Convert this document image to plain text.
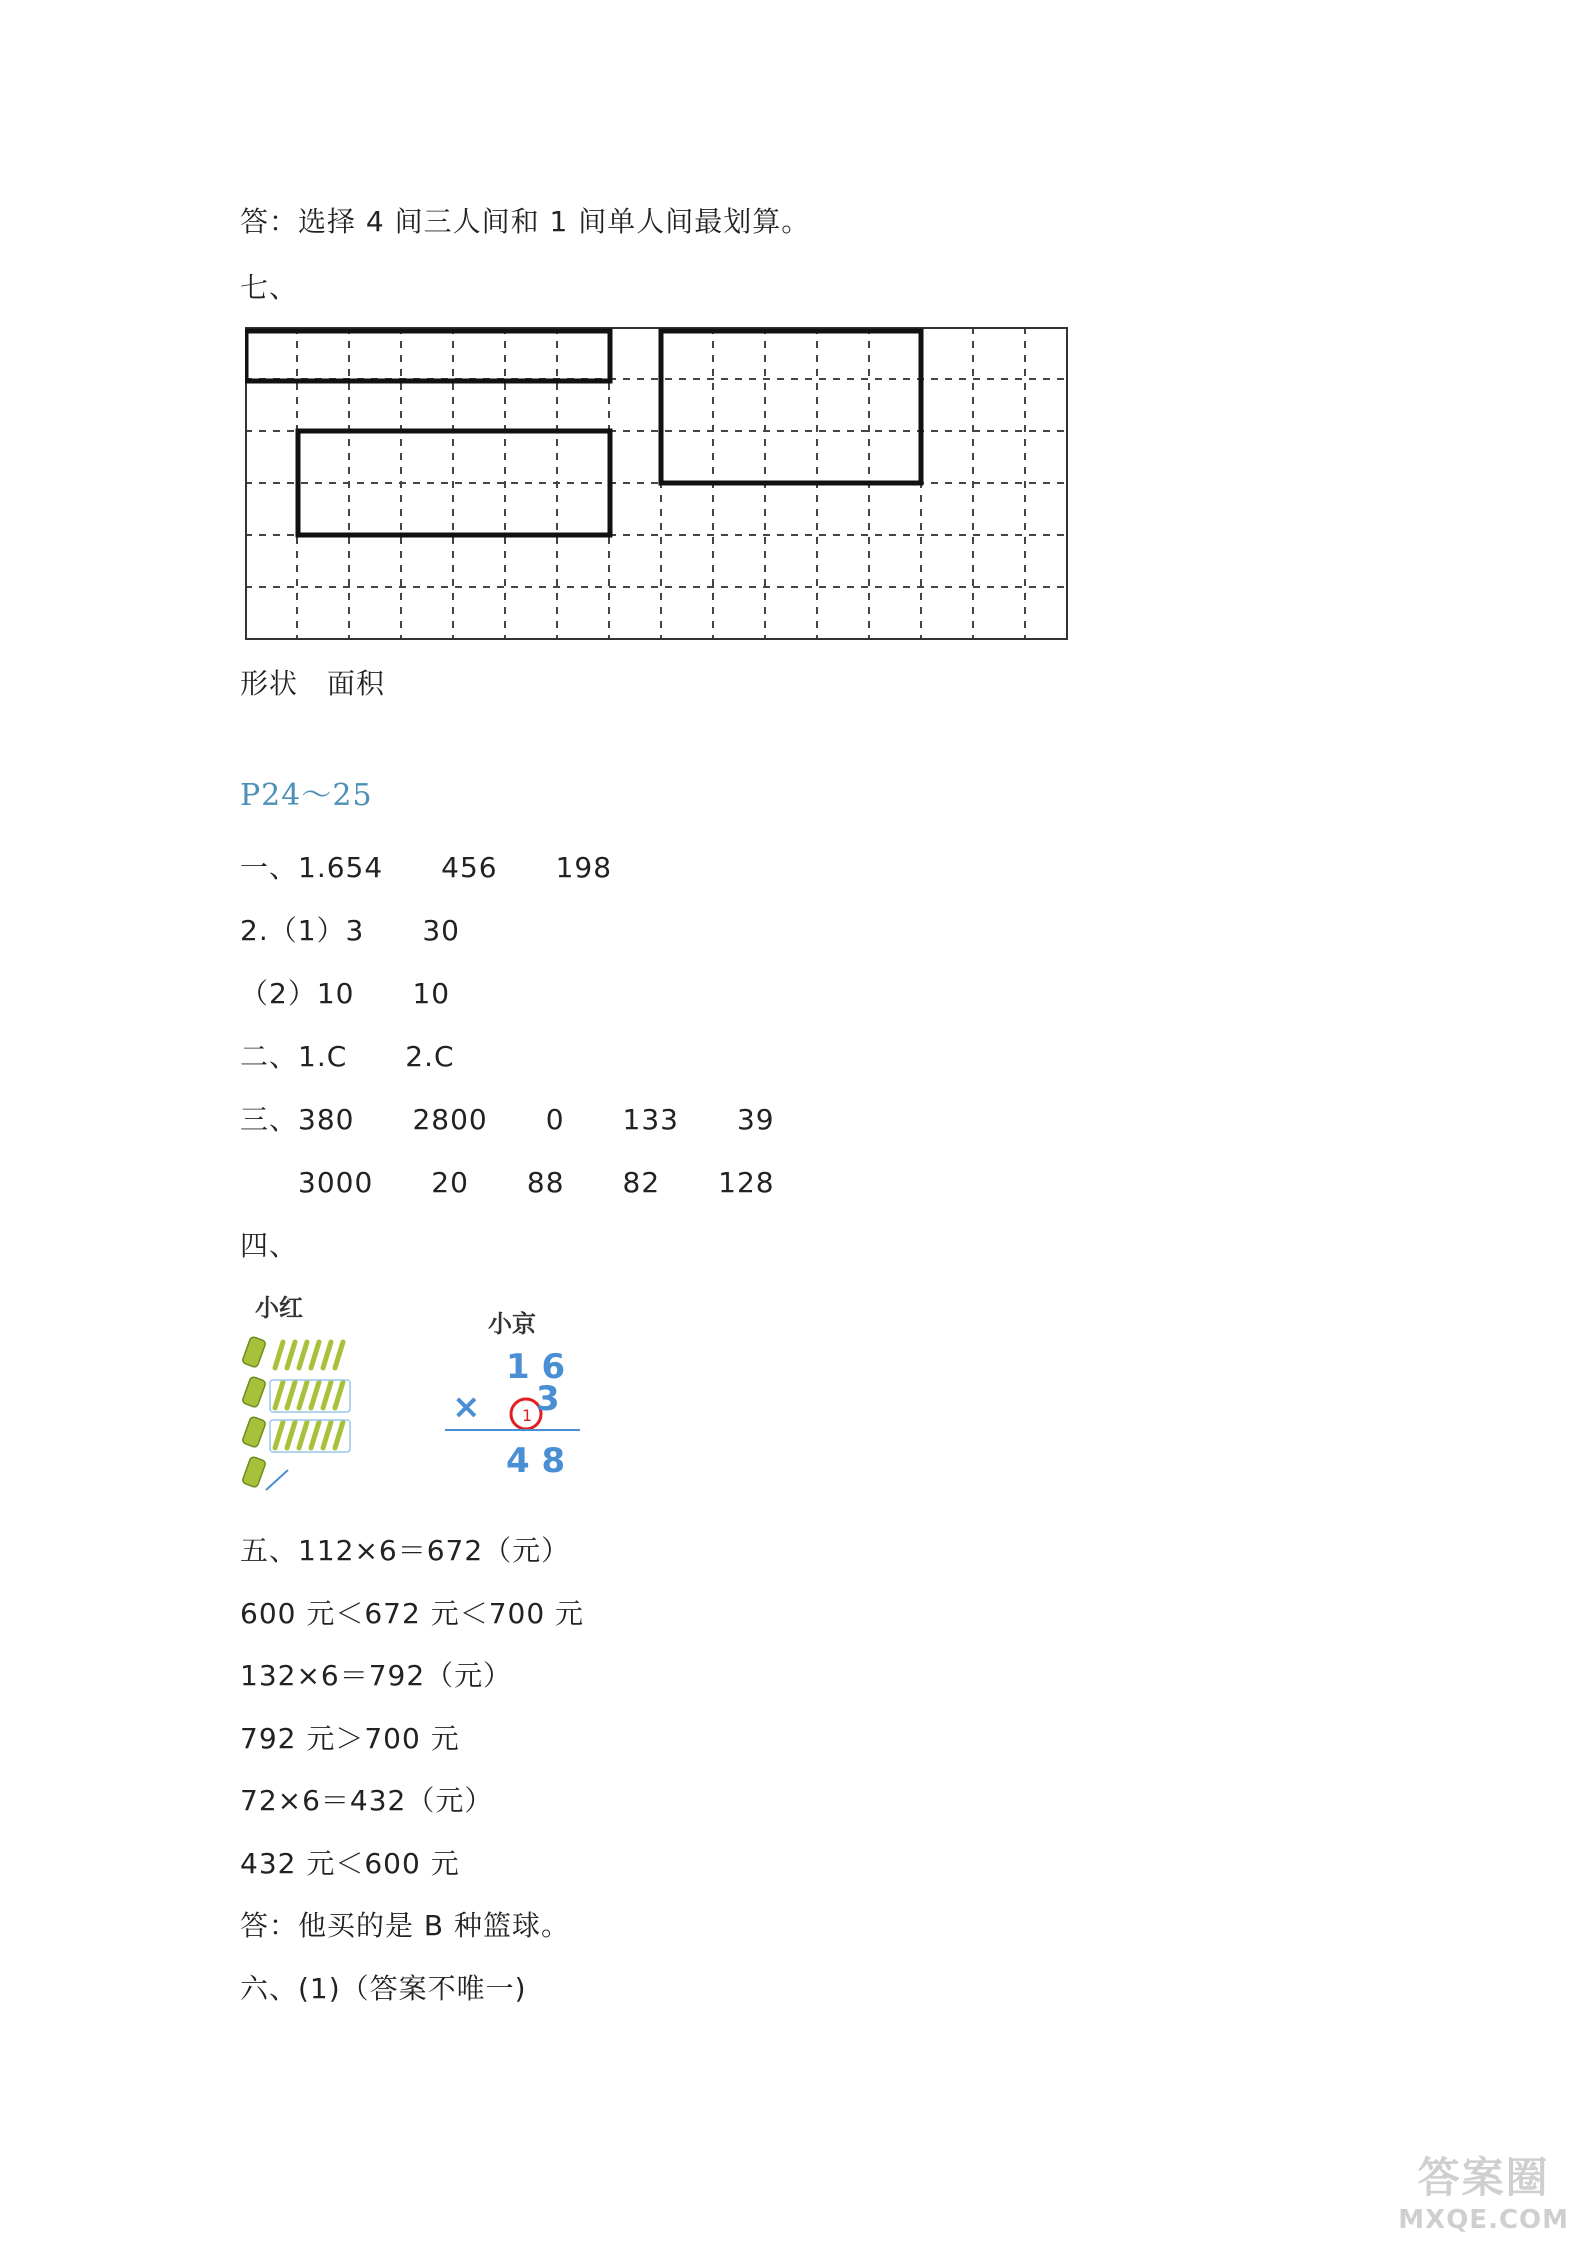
答：选择 4 间三人间和 1 间单人间最划算。
七、
形状　面积
P24～25
一、1.654　　456　　198
2.（1）3　　30
（2）10　　10
二、1.C　　2.C
三、380　　2800　　0　　133　　39
　　3000　　20　　88　　82　　128
四、
小红
小京
1 6
×	1 3
4 8
五、112×6＝672（元）
600 元＜672 元＜700 元
132×6＝792（元）
792 元＞700 元
72×6＝432（元）
432 元＜600 元
答：他买的是 B 种篮球。
六、(1)（答案不唯一)
答案圈
MXQE.COM
